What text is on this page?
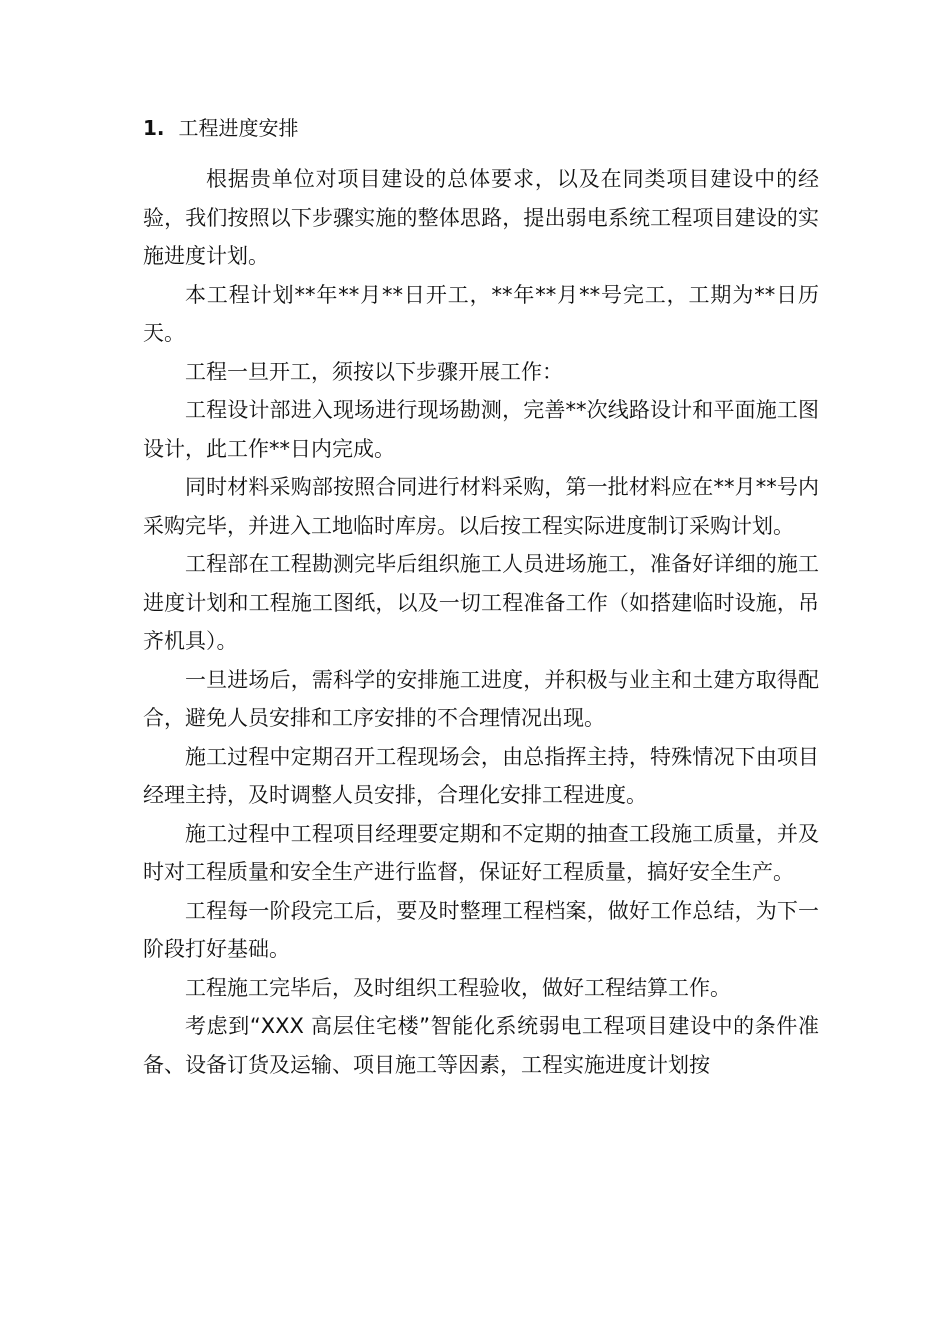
1. 工程进度安排

根据贵单位对项目建设的总体要求，以及在同类项目建设中的经验，我们按照以下步骤实施的整体思路，提出弱电系统工程项目建设的实施进度计划。

本工程计划**年**月**日开工，**年**月**号完工，工期为**日历天。

工程一旦开工，须按以下步骤开展工作：

工程设计部进入现场进行现场勘测，完善**次线路设计和平面施工图设计，此工作**日内完成。

同时材料采购部按照合同进行材料采购，第一批材料应在**月**号内采购完毕，并进入工地临时库房。以后按工程实际进度制订采购计划。

工程部在工程勘测完毕后组织施工人员进场施工，准备好详细的施工进度计划和工程施工图纸，以及一切工程准备工作（如搭建临时设施，吊齐机具）。

一旦进场后，需科学的安排施工进度，并积极与业主和土建方取得配合，避免人员安排和工序安排的不合理情况出现。

施工过程中定期召开工程现场会，由总指挥主持，特殊情况下由项目经理主持，及时调整人员安排，合理化安排工程进度。

施工过程中工程项目经理要定期和不定期的抽查工段施工质量，并及时对工程质量和安全生产进行监督，保证好工程质量，搞好安全生产。

工程每一阶段完工后，要及时整理工程档案，做好工作总结，为下一阶段打好基础。

工程施工完毕后，及时组织工程验收，做好工程结算工作。

考虑到“XXX 高层住宅楼”智能化系统弱电工程项目建设中的条件准备、设备订货及运输、项目施工等因素，工程实施进度计划按
